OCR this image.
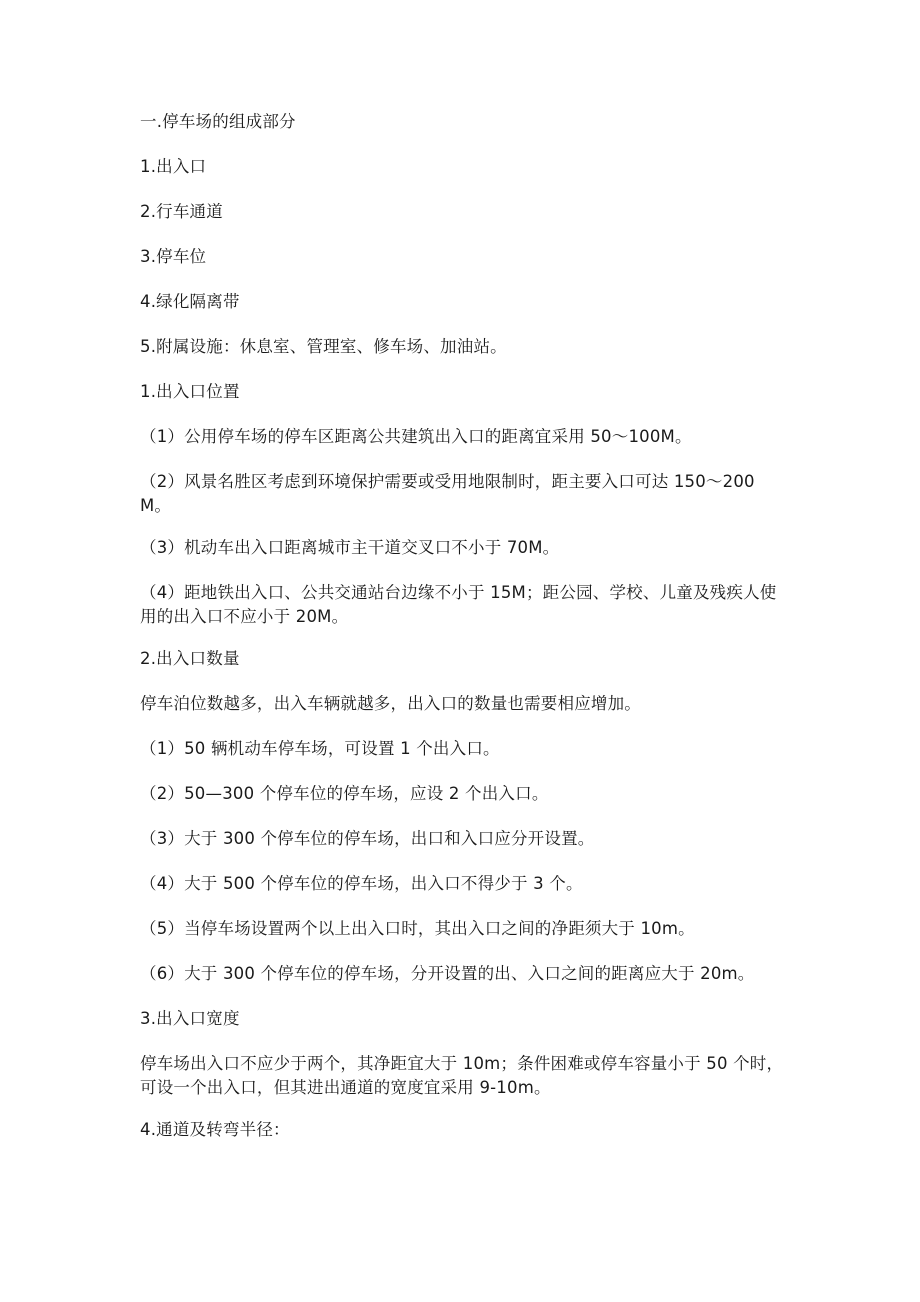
一.停车场的组成部分

1.出入口

2.行车通道

3.停车位

4.绿化隔离带

5.附属设施：休息室、管理室、修车场、加油站。

1.出入口位置

（1）公用停车场的停车区距离公共建筑出入口的距离宜采用 50～100M。

（2）风景名胜区考虑到环境保护需要或受用地限制时，距主要入口可达 150～200M。

（3）机动车出入口距离城市主干道交叉口不小于 70M。

（4）距地铁出入口、公共交通站台边缘不小于 15M；距公园、学校、儿童及残疾人使用的出入口不应小于 20M。

2.出入口数量

停车泊位数越多，出入车辆就越多，出入口的数量也需要相应增加。

（1）50 辆机动车停车场，可设置 1 个出入口。

（2）50—300 个停车位的停车场，应设 2 个出入口。

（3）大于 300 个停车位的停车场，出口和入口应分开设置。

（4）大于 500 个停车位的停车场，出入口不得少于 3 个。

（5）当停车场设置两个以上出入口时，其出入口之间的净距须大于 10m。

（6）大于 300 个停车位的停车场，分开设置的出、入口之间的距离应大于 20m。

3.出入口宽度

停车场出入口不应少于两个，其净距宜大于 10m；条件困难或停车容量小于 50 个时，可设一个出入口，但其进出通道的宽度宜采用 9-10m。

4.通道及转弯半径：
